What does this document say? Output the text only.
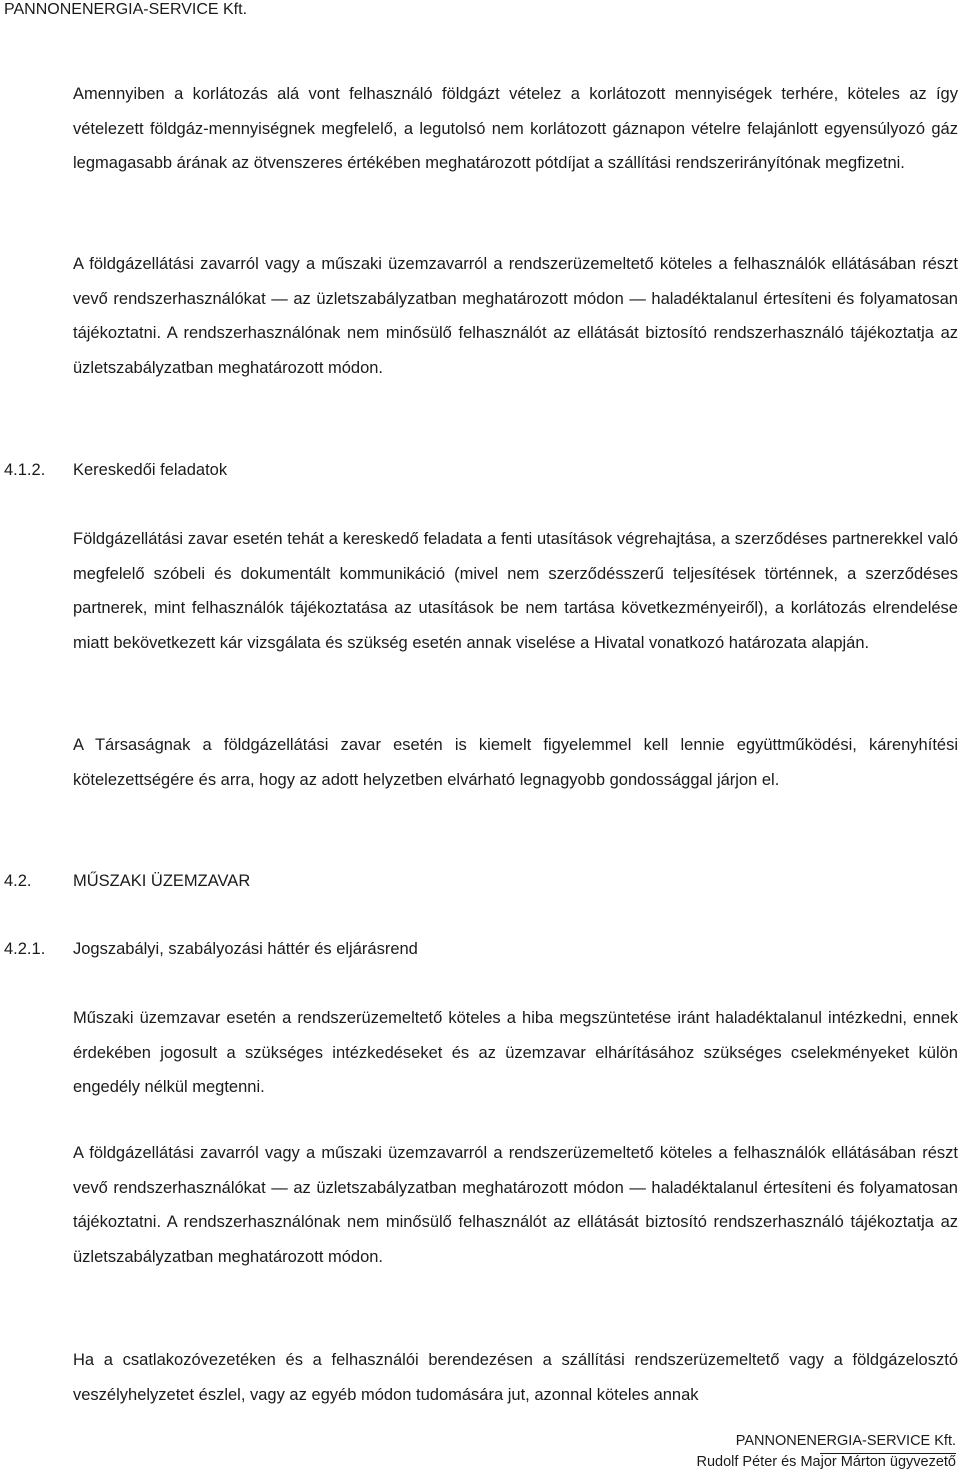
PANNONENERGIA-SERVICE Kft.

Amennyiben a korlátozás alá vont felhasználó földgázt vételez a korlátozott mennyiségek terhére, köteles az így vételezett földgáz-mennyiségnek megfelelő, a legutolsó nem korlátozott gáznapon vételre felajánlott egyensúlyozó gáz legmagasabb árának az ötvenszeres értékében meghatározott pótdíjat a szállítási rendszerirányítónak megfizetni.

A földgázellátási zavarról vagy a műszaki üzemzavarról a rendszerüzemeltető köteles a felhasználók ellátásában részt vevő rendszerhasználókat — az üzletszabályzatban meghatározott módon — haladéktalanul értesíteni és folyamatosan tájékoztatni. A rendszerhasználónak nem minősülő felhasználót az ellátását biztosító rendszerhasználó tájékoztatja az üzletszabályzatban meghatározott módon.

4.1.2. Kereskedői feladatok

Földgázellátási zavar esetén tehát a kereskedő feladata a fenti utasítások végrehajtása, a szerződéses partnerekkel való megfelelő szóbeli és dokumentált kommunikáció (mivel nem szerződésszerű teljesítések történnek, a szerződéses partnerek, mint felhasználók tájékoztatása az utasítások be nem tartása következményeiről), a korlátozás elrendelése miatt bekövetkezett kár vizsgálata és szükség esetén annak viselése a Hivatal vonatkozó határozata alapján.

A Társaságnak a földgázellátási zavar esetén is kiemelt figyelemmel kell lennie együttműködési, kárenyhítési kötelezettségére és arra, hogy az adott helyzetben elvárható legnagyobb gondossággal járjon el.

4.2.	MŰSZAKI ÜZEMZAVAR
4.2.1. Jogszabályi, szabályozási háttér és eljárásrend

Műszaki üzemzavar esetén a rendszerüzemeltető köteles a hiba megszüntetése iránt haladéktalanul intézkedni, ennek érdekében jogosult a szükséges intézkedéseket és az üzemzavar elhárításához szükséges cselekményeket külön engedély nélkül megtenni.

A földgázellátási zavarról vagy a műszaki üzemzavarról a rendszerüzemeltető köteles a felhasználók ellátásában részt vevő rendszerhasználókat — az üzletszabályzatban meghatározott módon — haladéktalanul értesíteni és folyamatosan tájékoztatni. A rendszerhasználónak nem minősülő felhasználót az ellátását biztosító rendszerhasználó tájékoztatja az üzletszabályzatban meghatározott módon.

Ha a csatlakozóvezetéken és a felhasználói berendezésen a szállítási rendszerüzemeltető vagy a földgázelosztó veszélyhelyzetet észlel, vagy az egyéb módon tudomására jut, azonnal köteles annak

PANNONENERGIA-SERVICE Kft.
Rudolf Péter és Major Márton ügyvezető
